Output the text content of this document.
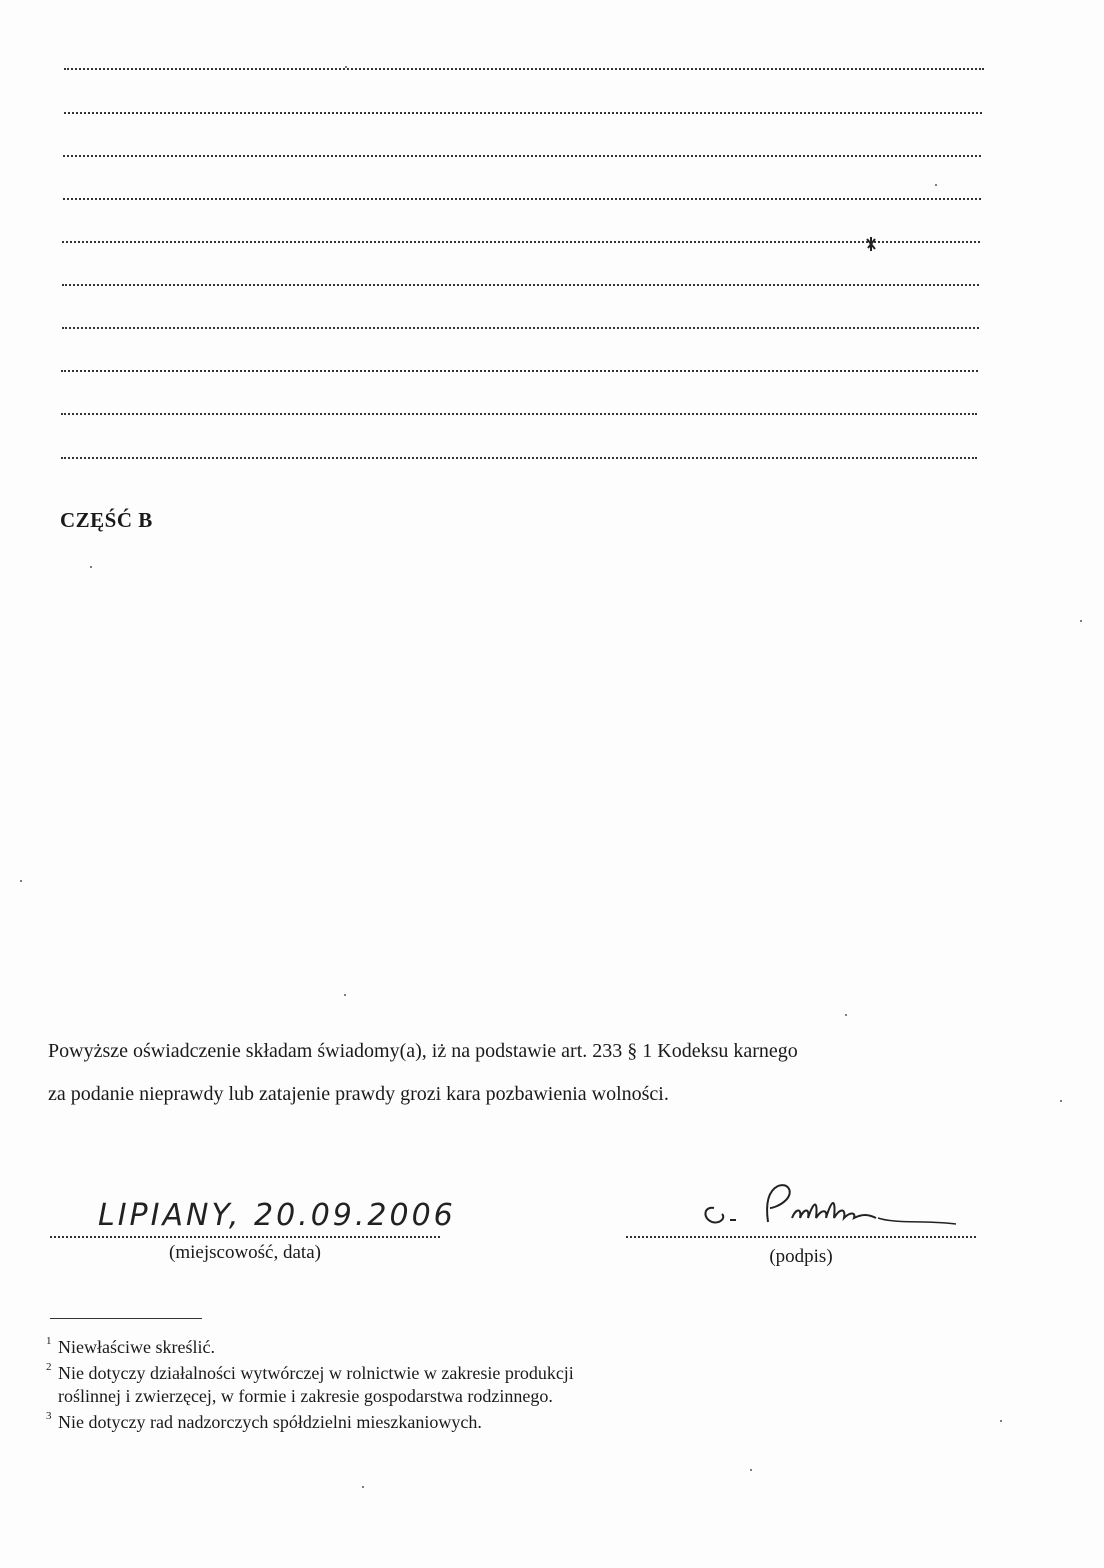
CZĘŚĆ B

Powyższe oświadczenie składam świadomy(a), iż na podstawie art. 233 § 1 Kodeksu karnego

za podanie nieprawdy lub zatajenie prawdy grozi kara pozbawienia wolności.

LIPIANY, 20.09.2006
(miejscowość, data)	(podpis)
1 Niewłaściwe skreślić.
2 Nie dotyczy działalności wytwórczej w rolnictwie w zakresie produkcji roślinnej i zwierzęcej, w formie i zakresie gospodarstwa rodzinnego.
3 Nie dotyczy rad nadzorczych spółdzielni mieszkaniowych.
